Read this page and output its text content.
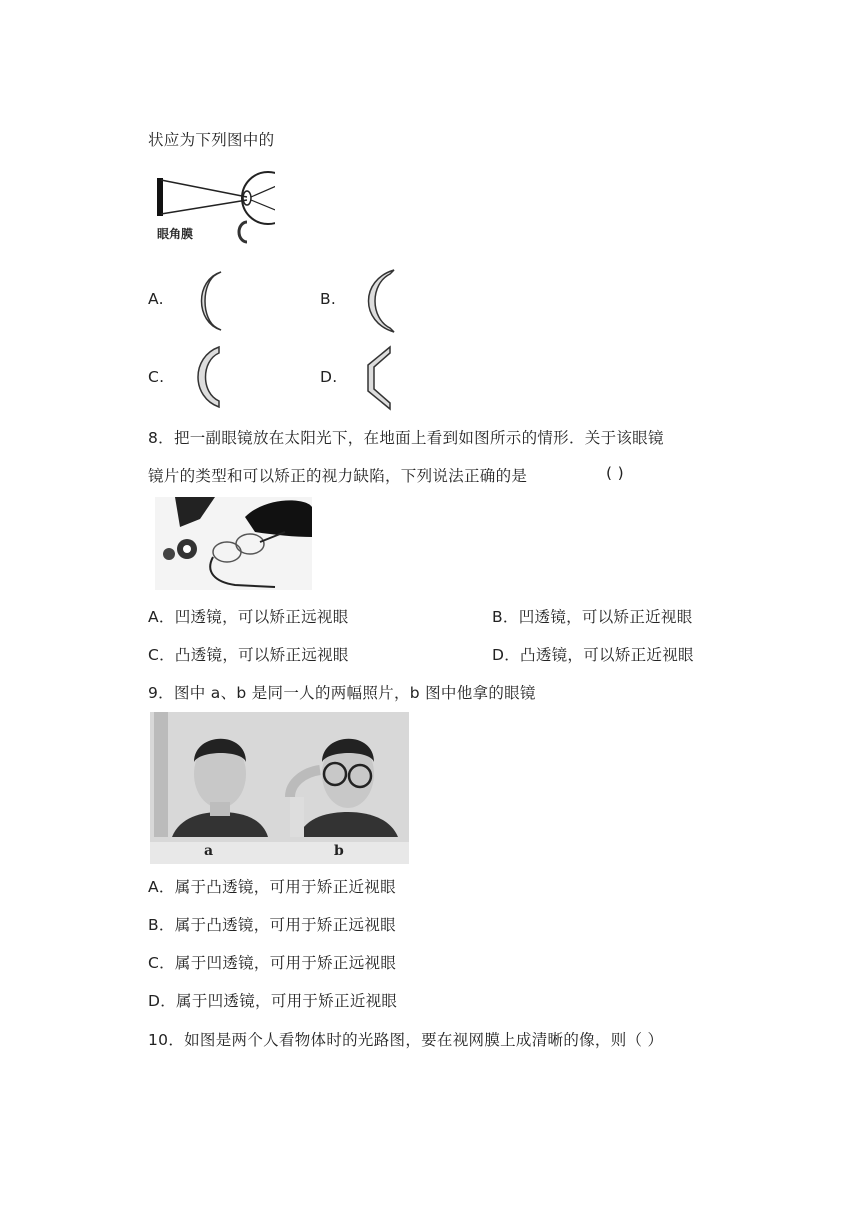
状应为下列图中的
眼角膜
A.	B.
C.	D.
8．把一副眼镜放在太阳光下，在地面上看到如图所示的情形．关于该眼镜
镜片的类型和可以矫正的视力缺陷，下列说法正确的是	( )
A．凹透镜，可以矫正远视眼	B．凹透镜，可以矫正近视眼
C．凸透镜，可以矫正远视眼	D．凸透镜，可以矫正近视眼
9．图中 a、b 是同一人的两幅照片，b 图中他拿的眼镜
a	b
A．属于凸透镜，可用于矫正近视眼
B．属于凸透镜，可用于矫正远视眼
C．属于凹透镜，可用于矫正远视眼
D．属于凹透镜，可用于矫正近视眼
10．如图是两个人看物体时的光路图，要在视网膜上成清晰的像，则（ ）
